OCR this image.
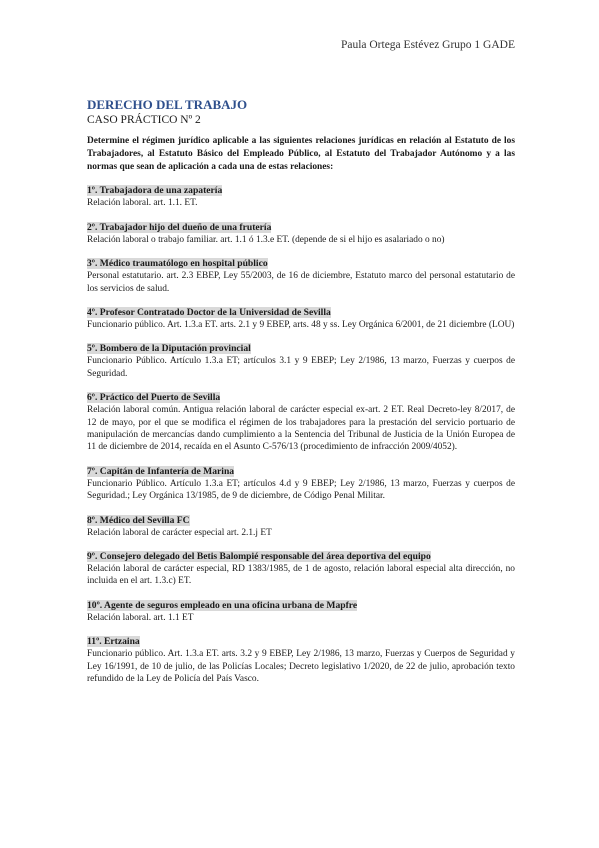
Paula Ortega Estévez Grupo 1 GADE
DERECHO DEL TRABAJO

CASO PRÁCTICO Nº 2

Determine el régimen jurídico aplicable a las siguientes relaciones jurídicas en relación al Estatuto de los Trabajadores, al Estatuto Básico del Empleado Público, al Estatuto del Trabajador Autónomo y a las normas que sean de aplicación a cada una de estas relaciones:

1º. Trabajadora de una zapatería

Relación laboral. art. 1.1. ET.

2º. Trabajador hijo del dueño de una frutería

Relación laboral o trabajo familiar. art. 1.1 ó 1.3.e ET. (depende de si el hijo es asalariado o no)

3º. Médico traumatólogo en hospital público

Personal estatutario. art. 2.3 EBEP, Ley 55/2003, de 16 de diciembre, Estatuto marco del personal estatutario de los servicios de salud.

4º. Profesor Contratado Doctor de la Universidad de Sevilla

Funcionario público. Art. 1.3.a ET. arts. 2.1 y 9 EBEP, arts. 48 y ss. Ley Orgánica 6/2001, de 21 diciembre (LOU)

5º. Bombero de la Diputación provincial

Funcionario Público. Artículo 1.3.a ET; artículos 3.1 y 9 EBEP; Ley 2/1986, 13 marzo, Fuerzas y cuerpos de Seguridad.

6º. Práctico del Puerto de Sevilla

Relación laboral común. Antigua relación laboral de carácter especial ex-art. 2 ET. Real Decreto-ley 8/2017, de 12 de mayo, por el que se modifica el régimen de los trabajadores para la prestación del servicio portuario de manipulación de mercancías dando cumplimiento a la Sentencia del Tribunal de Justicia de la Unión Europea de 11 de diciembre de 2014, recaída en el Asunto C-576/13 (procedimiento de infracción 2009/4052).

7º. Capitán de Infantería de Marina

Funcionario Público. Artículo 1.3.a ET; artículos 4.d y 9 EBEP; Ley 2/1986, 13 marzo, Fuerzas y cuerpos de Seguridad.; Ley Orgánica 13/1985, de 9 de diciembre, de Código Penal Militar.

8º. Médico del Sevilla FC

Relación laboral de carácter especial art. 2.1.j ET

9º. Consejero delegado del Betis Balompié responsable del área deportiva del equipo

Relación laboral de carácter especial, RD 1383/1985, de 1 de agosto, relación laboral especial alta dirección, no incluida en el art. 1.3.c) ET.

10º. Agente de seguros empleado en una oficina urbana de Mapfre

Relación laboral. art. 1.1 ET

11º. Ertzaina

Funcionario público. Art. 1.3.a ET. arts. 3.2 y 9 EBEP, Ley 2/1986, 13 marzo, Fuerzas y Cuerpos de Seguridad y Ley 16/1991, de 10 de julio, de las Policías Locales; Decreto legislativo 1/2020, de 22 de julio, aprobación texto refundido de la Ley de Policía del País Vasco.
